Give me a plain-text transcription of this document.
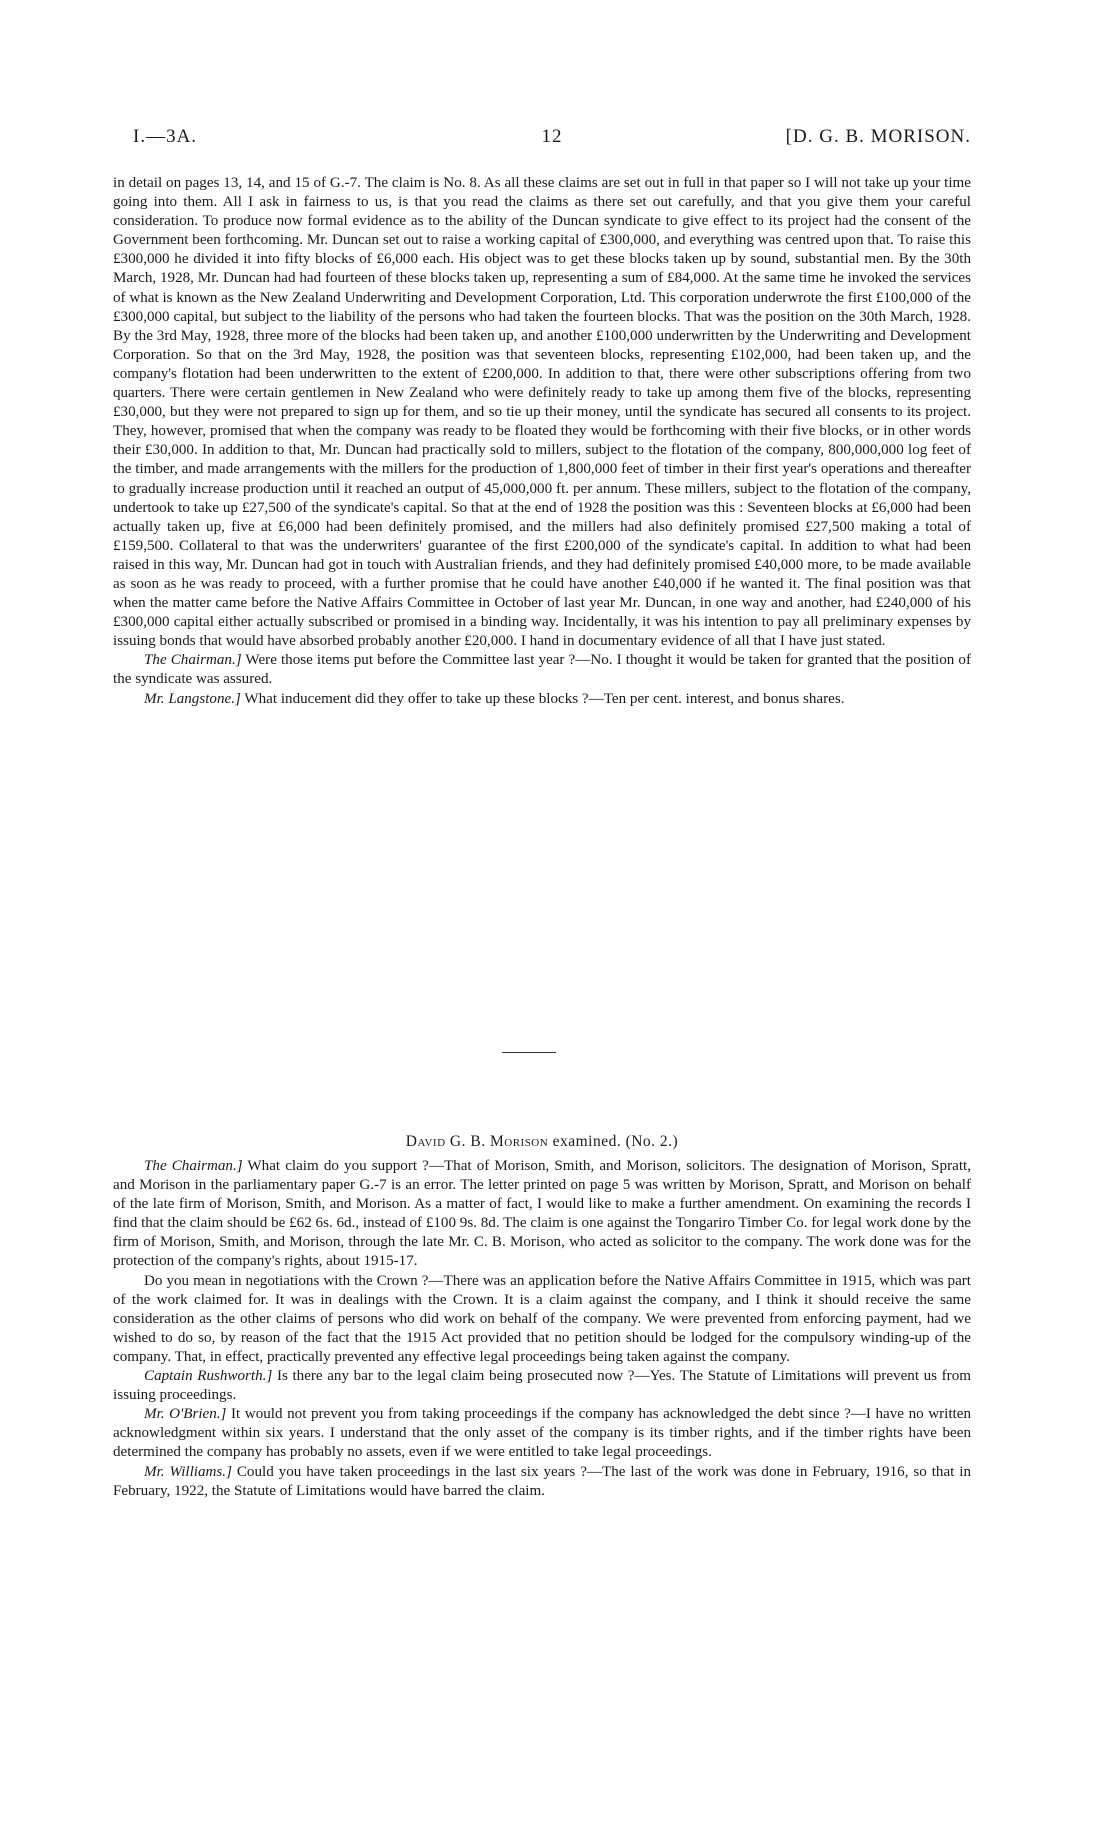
I.—3A.	12	[D. G. B. MORISON.

in detail on pages 13, 14, and 15 of G.-7. The claim is No. 8. As all these claims are set out in full in that paper so I will not take up your time going into them. All I ask in fairness to us, is that you read the claims as there set out carefully, and that you give them your careful consideration. To produce now formal evidence as to the ability of the Duncan syndicate to give effect to its project had the consent of the Government been forthcoming. Mr. Duncan set out to raise a working capital of £300,000, and everything was centred upon that. To raise this £300,000 he divided it into fifty blocks of £6,000 each. His object was to get these blocks taken up by sound, substantial men. By the 30th March, 1928, Mr. Duncan had had fourteen of these blocks taken up, representing a sum of £84,000. At the same time he invoked the services of what is known as the New Zealand Underwriting and Development Corporation, Ltd. This corporation underwrote the first £100,000 of the £300,000 capital, but subject to the liability of the persons who had taken the fourteen blocks. That was the position on the 30th March, 1928. By the 3rd May, 1928, three more of the blocks had been taken up, and another £100,000 underwritten by the Underwriting and Development Corporation. So that on the 3rd May, 1928, the position was that seventeen blocks, representing £102,000, had been taken up, and the company's flotation had been underwritten to the extent of £200,000. In addition to that, there were other subscriptions offering from two quarters. There were certain gentlemen in New Zealand who were definitely ready to take up among them five of the blocks, representing £30,000, but they were not prepared to sign up for them, and so tie up their money, until the syndicate has secured all consents to its project. They, however, promised that when the company was ready to be floated they would be forthcoming with their five blocks, or in other words their £30,000. In addition to that, Mr. Duncan had practically sold to millers, subject to the flotation of the company, 800,000,000 log feet of the timber, and made arrangements with the millers for the production of 1,800,000 feet of timber in their first year's operations and thereafter to gradually increase production until it reached an output of 45,000,000 ft. per annum. These millers, subject to the flotation of the company, undertook to take up £27,500 of the syndicate's capital. So that at the end of 1928 the position was this : Seventeen blocks at £6,000 had been actually taken up, five at £6,000 had been definitely promised, and the millers had also definitely promised £27,500 making a total of £159,500. Collateral to that was the underwriters' guarantee of the first £200,000 of the syndicate's capital. In addition to what had been raised in this way, Mr. Duncan had got in touch with Australian friends, and they had definitely promised £40,000 more, to be made available as soon as he was ready to proceed, with a further promise that he could have another £40,000 if he wanted it. The final position was that when the matter came before the Native Affairs Committee in October of last year Mr. Duncan, in one way and another, had £240,000 of his £300,000 capital either actually subscribed or promised in a binding way. Incidentally, it was his intention to pay all preliminary expenses by issuing bonds that would have absorbed probably another £20,000. I hand in documentary evidence of all that I have just stated.

The Chairman.] Were those items put before the Committee last year ?—No. I thought it would be taken for granted that the position of the syndicate was assured.

Mr. Langstone.] What inducement did they offer to take up these blocks ?—Ten per cent. interest, and bonus shares.

David G. B. Morison examined. (No. 2.)

The Chairman.] What claim do you support ?—That of Morison, Smith, and Morison, solicitors. The designation of Morison, Spratt, and Morison in the parliamentary paper G.-7 is an error. The letter printed on page 5 was written by Morison, Spratt, and Morison on behalf of the late firm of Morison, Smith, and Morison. As a matter of fact, I would like to make a further amendment. On examining the records I find that the claim should be £62 6s. 6d., instead of £100 9s. 8d. The claim is one against the Tongariro Timber Co. for legal work done by the firm of Morison, Smith, and Morison, through the late Mr. C. B. Morison, who acted as solicitor to the company. The work done was for the protection of the company's rights, about 1915-17.

Do you mean in negotiations with the Crown ?—There was an application before the Native Affairs Committee in 1915, which was part of the work claimed for. It was in dealings with the Crown. It is a claim against the company, and I think it should receive the same consideration as the other claims of persons who did work on behalf of the company. We were prevented from enforcing payment, had we wished to do so, by reason of the fact that the 1915 Act provided that no petition should be lodged for the compulsory winding-up of the company. That, in effect, practically prevented any effective legal proceedings being taken against the company.

Captain Rushworth.] Is there any bar to the legal claim being prosecuted now ?—Yes. The Statute of Limitations will prevent us from issuing proceedings.

Mr. O'Brien.] It would not prevent you from taking proceedings if the company has acknowledged the debt since ?—I have no written acknowledgment within six years. I understand that the only asset of the company is its timber rights, and if the timber rights have been determined the company has probably no assets, even if we were entitled to take legal proceedings.

Mr. Williams.] Could you have taken proceedings in the last six years ?—The last of the work was done in February, 1916, so that in February, 1922, the Statute of Limitations would have barred the claim.
